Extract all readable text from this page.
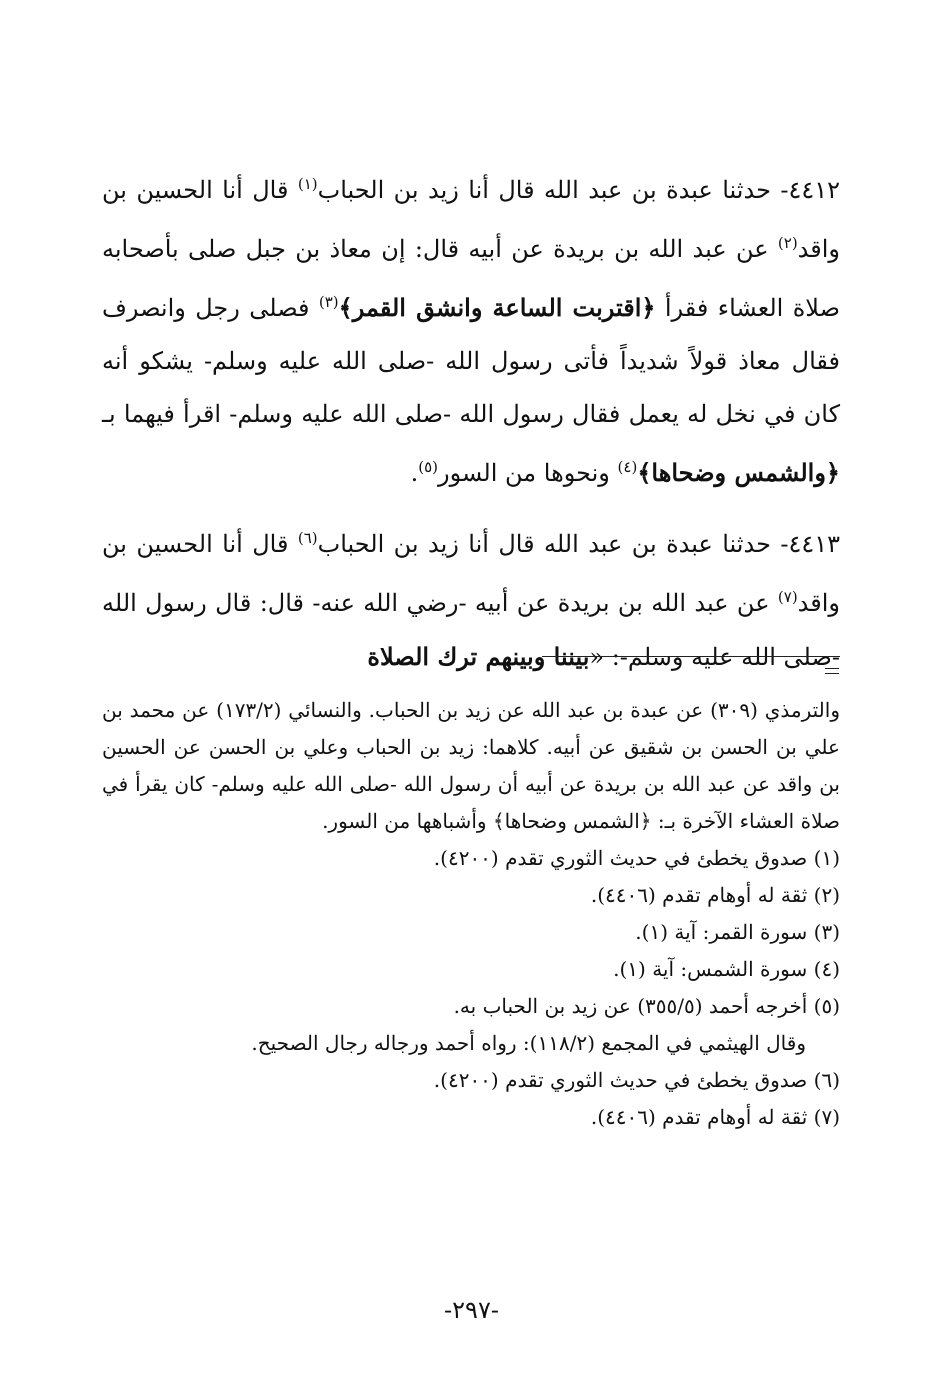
٤٤١٢- حدثنا عبدة بن عبد الله قال أنا زيد بن الحباب$^{(١)}$ قال أنا الحسين بن واقد$^{(٢)}$ عن عبد الله بن بريدة عن أبيه قال: إن معاذ بن جبل صلى بأصحابه صلاة العشاء فقرأ ﴿اقتربت الساعة وانشق القمر﴾$^{(٣)}$ فصلى رجل وانصرف فقال معاذ قولاً شديداً فأتى رسول الله -صلى الله عليه وسلم- يشكو أنه كان في نخل له يعمل فقال رسول الله -صلى الله عليه وسلم- اقرأ فيهما بـ ﴿والشمس وضحاها﴾$^{(٤)}$ ونحوها من السور$^{(٥)}$.

٤٤١٣- حدثنا عبدة بن عبد الله قال أنا زيد بن الحباب$^{(٦)}$ قال أنا الحسين بن واقد$^{(٧)}$ عن عبد الله بن بريدة عن أبيه -رضي الله عنه- قال: قال رسول الله -صلى الله عليه وسلم-: «بيننا وبينهم ترك الصلاة

والترمذي (٣٠٩) عن عبدة بن عبد الله عن زيد بن الحباب. والنسائي (١٧٣/٢) عن محمد بن علي بن الحسن بن شقيق عن أبيه. كلاهما: زيد بن الحباب وعلي بن الحسن عن الحسين بن واقد عن عبد الله بن بريدة عن أبيه أن رسول الله -صلى الله عليه وسلم- كان يقرأ في صلاة العشاء الآخرة بـ: ﴿الشمس وضحاها﴾ وأشباهها من السور.

(١) صدوق يخطئ في حديث الثوري تقدم (٤٢٠٠).

(٢) ثقة له أوهام تقدم (٤٤٠٦).

(٣) سورة القمر: آية (١).

(٤) سورة الشمس: آية (١).

(٥) أخرجه أحمد (٣٥٥/٥) عن زيد بن الحباب به.

وقال الهيثمي في المجمع (١١٨/٢): رواه أحمد ورجاله رجال الصحيح.

(٦) صدوق يخطئ في حديث الثوري تقدم (٤٢٠٠).

(٧) ثقة له أوهام تقدم (٤٤٠٦).

-٢٩٧-
